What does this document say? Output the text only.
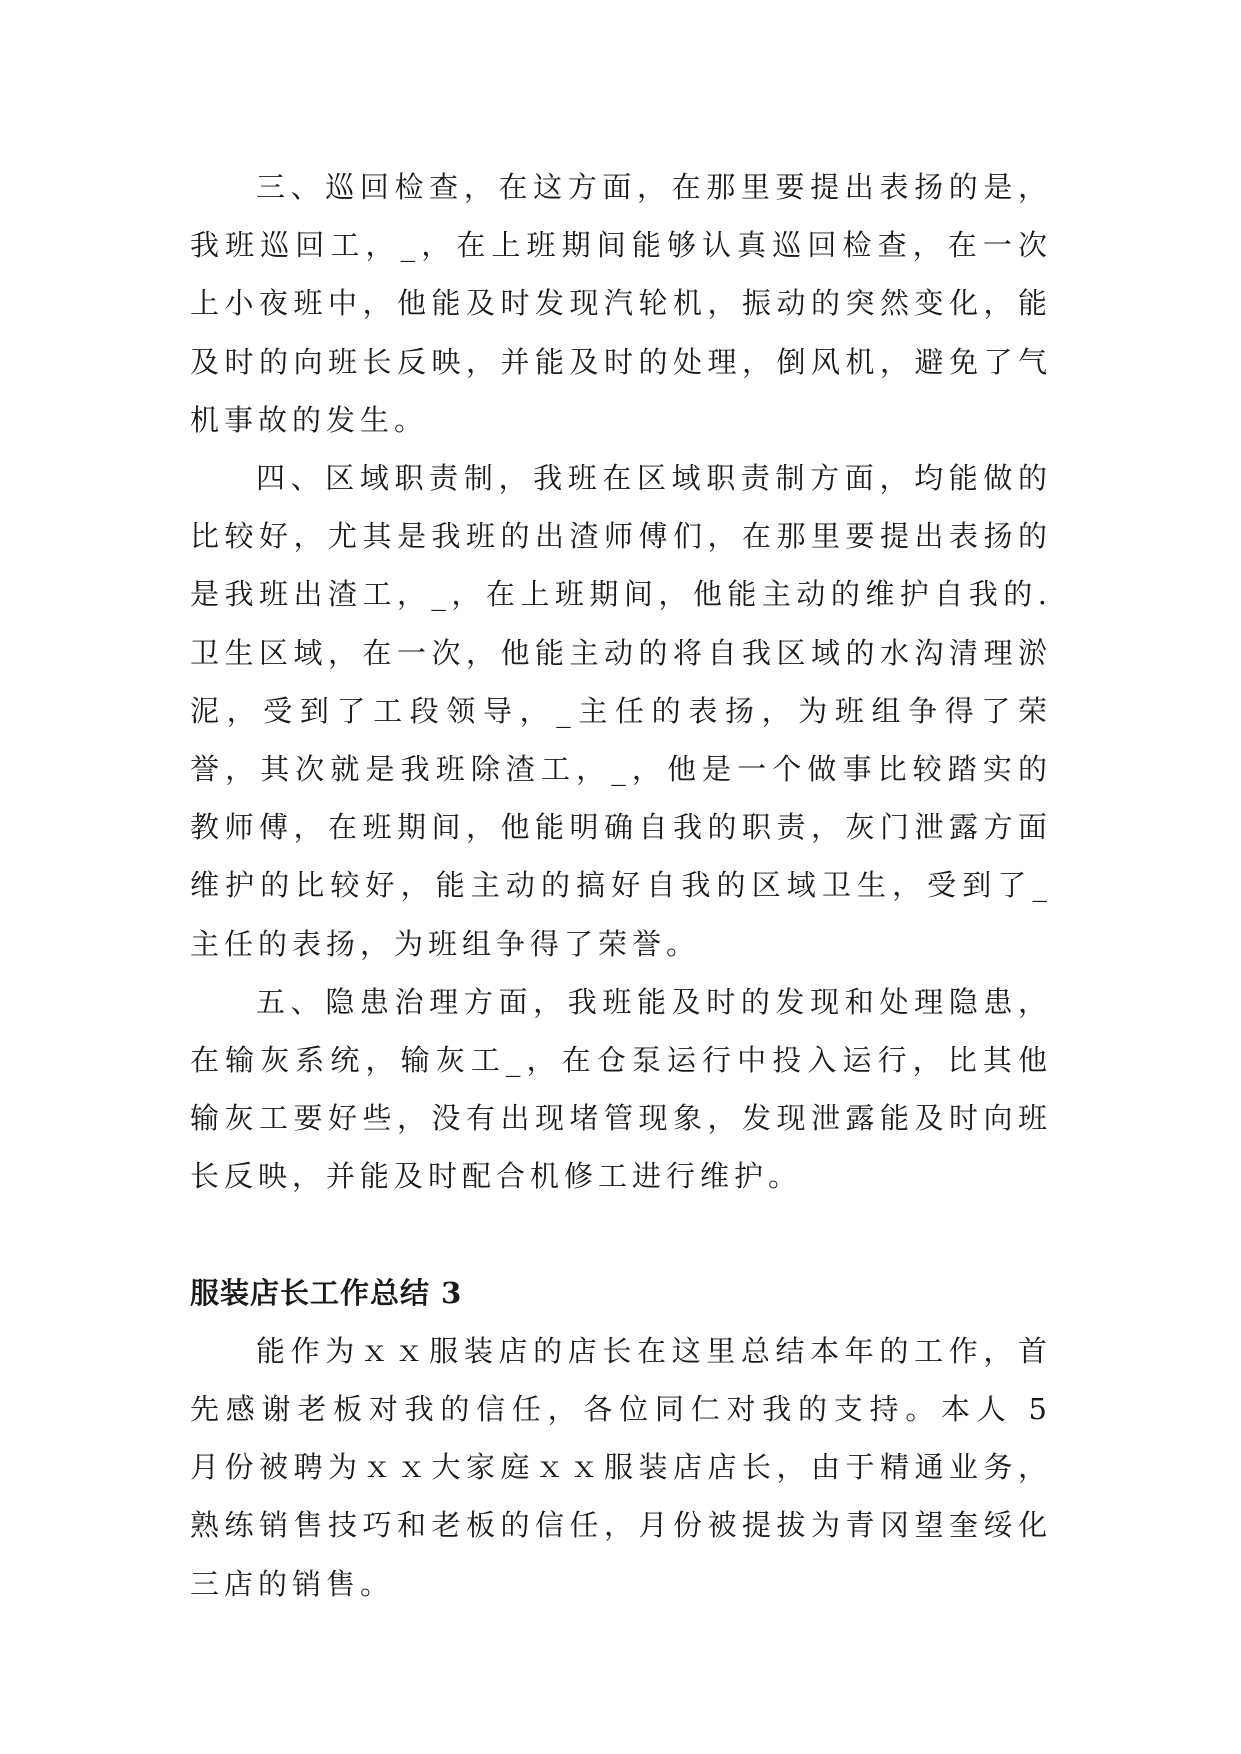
三、巡回检查，在这方面，在那里要提出表扬的是，我班巡回工，_，在上班期间能够认真巡回检查，在一次上小夜班中，他能及时发现汽轮机，振动的突然变化，能及时的向班长反映，并能及时的处理，倒风机，避免了气机事故的发生。

四、区域职责制，我班在区域职责制方面，均能做的比较好，尤其是我班的出渣师傅们，在那里要提出表扬的是我班出渣工，_，在上班期间，他能主动的维护自我的.卫生区域，在一次，他能主动的将自我区域的水沟清理淤泥，受到了工段领导，_主任的表扬，为班组争得了荣誉，其次就是我班除渣工，_，他是一个做事比较踏实的教师傅，在班期间，他能明确自我的职责，灰门泄露方面维护的比较好，能主动的搞好自我的区域卫生，受到了_主任的表扬，为班组争得了荣誉。

五、隐患治理方面，我班能及时的发现和处理隐患，在输灰系统，输灰工_，在仓泵运行中投入运行，比其他输灰工要好些，没有出现堵管现象，发现泄露能及时向班长反映，并能及时配合机修工进行维护。

服装店长工作总结 3

能作为ｘｘ服装店的店长在这里总结本年的工作，首先感谢老板对我的信任，各位同仁对我的支持。本人 5 月份被聘为ｘｘ大家庭ｘｘ服装店店长，由于精通业务，熟练销售技巧和老板的信任，月份被提拔为青冈望奎绥化三店的销售。
